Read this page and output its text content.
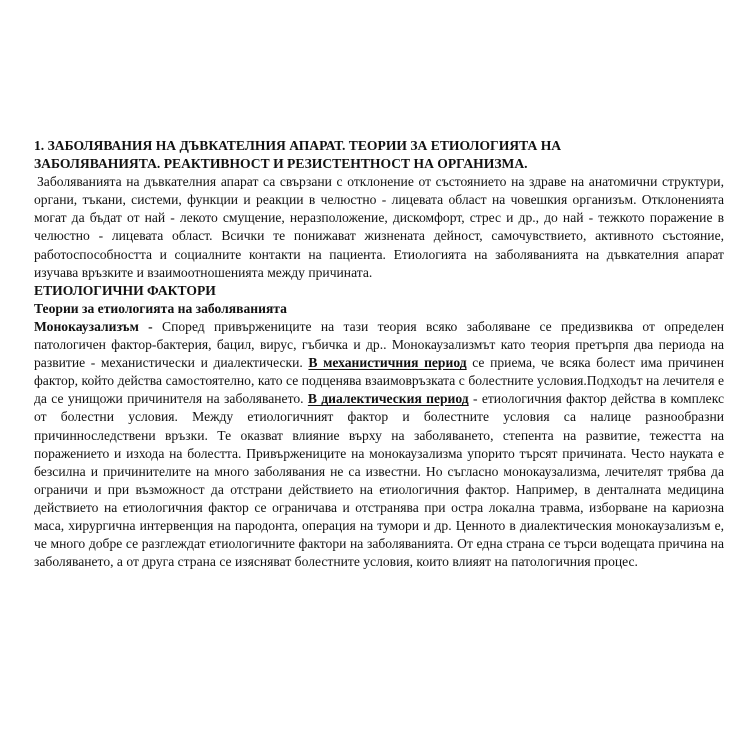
1. ЗАБОЛЯВАНИЯ НА ДЪВКАТЕЛНИЯ АПАРАТ. ТЕОРИИ ЗА ЕТИОЛОГИЯТА НА
ЗАБОЛЯВАНИЯТА. РЕАКТИВНОСТ И РЕЗИСТЕНТНОСТ НА ОРГАНИЗМА.

Заболяванията на дъвкателния апарат са свързани с отклонение от състоянието на здраве на анатомични структури, органи, тъкани, системи, функции и реакции в челюстно - лицевата област на човешкия организъм. Отклоненията могат да бъдат от най - лекото смущение, неразположение, дискомфорт, стрес и др., до най - тежкото поражение в челюстно - лицевата област. Всички те понижават жизнената дейност, самочувствието, активното състояние, работоспособността и социалните контакти на пациента. Етиологията на заболяванията на дъвкателния апарат изучава връзките и взаимоотношенията между причината.

ЕТИОЛОГИЧНИ ФАКТОРИ

Теории за етиологията на заболяванията

Монокаузализъм - Според привържениците на тази теория всяко заболяване се предизвиква от определен патологичен фактор-бактерия, бацил, вирус, гъбичка и др.. Монокаузализмът като теория претърпя два периода на развитие - механистически и диалектически. В механистичния период се приема, че всяка болест има причинен фактор, който действа самостоятелно, като се подценява взаимовръзката с болестните условия.Подходът на лечителя е да се унищожи причинителя на заболяването. В диалектическия период - етиологичния фактор действа в комплекс от болестни условия. Между етиологичният фактор и болестните условия са налице разнообразни причинноследствени връзки. Те оказват влияние върху на заболяването, степента на развитие, тежестта на поражението и изхода на болестта. Привържениците на монокаузализма упорито търсят причината. Често науката е безсилна и причинителите на много заболявания не са известни. Но съгласно монокаузализма, лечителят трябва да ограничи и при възможност да отстрани действието на етиологичния фактор. Например, в денталната медицина действието на етиологичния фактор се ограничава и отстранява при остра локална травма, изборване на кариозна маса, хирургична интервенция на пародонта, операция на тумори и др. Ценното в диалектическия монокаузализъм е, че много добре се разглеждат етиологичните фактори на заболяванията. От една страна се търси водещата причина на заболяването, а от друга страна се изясняват болестните условия, които влияят на патологичния процес.
